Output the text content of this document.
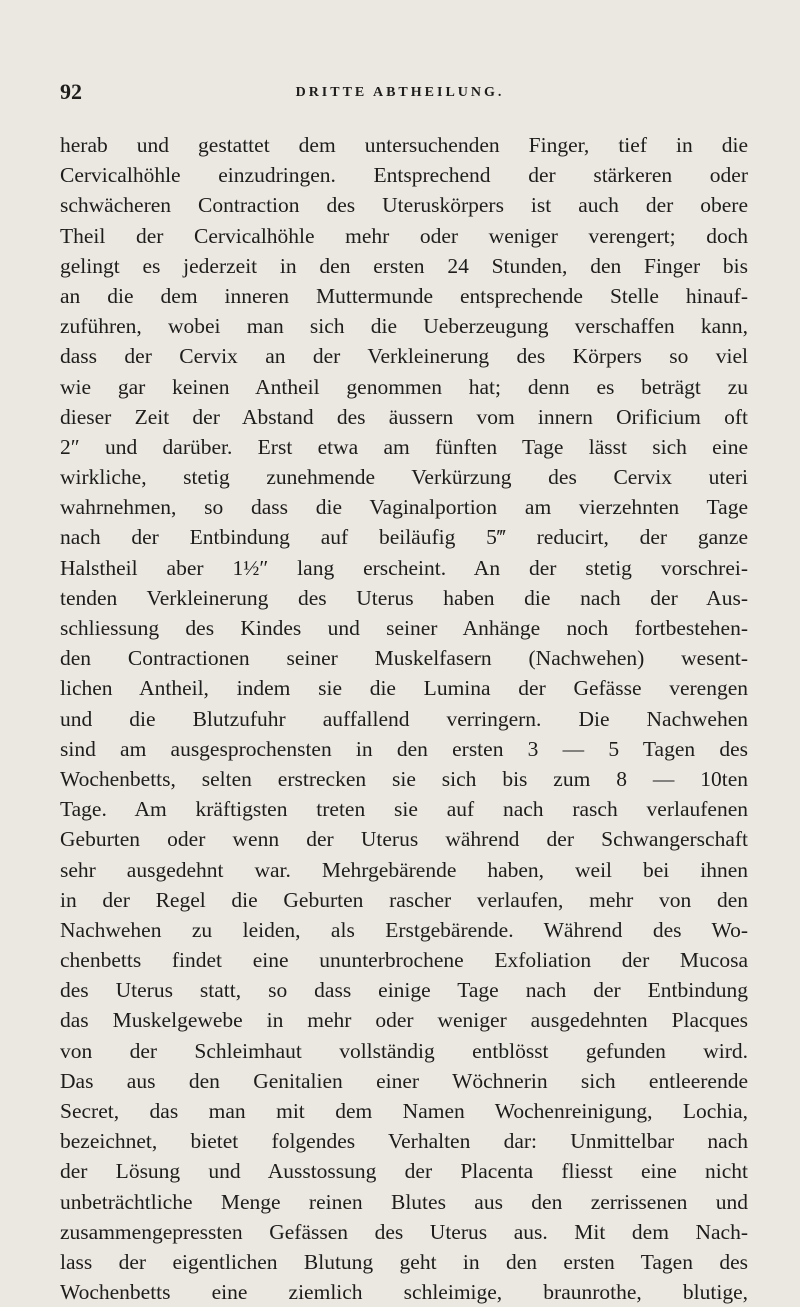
92	DRITTE ABTHEILUNG.
herab und gestattet dem untersuchenden Finger, tief in die
Cervicalhöhle einzudringen. Entsprechend der stärkeren oder
schwächeren Contraction des Uteruskörpers ist auch der obere
Theil der Cervicalhöhle mehr oder weniger verengert; doch
gelingt es jederzeit in den ersten 24 Stunden, den Finger bis
an die dem inneren Muttermunde entsprechende Stelle hinauf-
zuführen, wobei man sich die Ueberzeugung verschaffen kann,
dass der Cervix an der Verkleinerung des Körpers so viel
wie gar keinen Antheil genommen hat; denn es beträgt zu
dieser Zeit der Abstand des äussern vom innern Orificium oft
2″ und darüber. Erst etwa am fünften Tage lässt sich eine
wirkliche, stetig zunehmende Verkürzung des Cervix uteri
wahrnehmen, so dass die Vaginalportion am vierzehnten Tage
nach der Entbindung auf beiläufig 5‴ reducirt, der ganze
Halstheil aber 1½″ lang erscheint. An der stetig vorschrei-
tenden Verkleinerung des Uterus haben die nach der Aus-
schliessung des Kindes und seiner Anhänge noch fortbestehen-
den Contractionen seiner Muskelfasern (Nachwehen) wesent-
lichen Antheil, indem sie die Lumina der Gefässe verengen
und die Blutzufuhr auffallend verringern. Die Nachwehen
sind am ausgesprochensten in den ersten 3 — 5 Tagen des
Wochenbetts, selten erstrecken sie sich bis zum 8 — 10ten
Tage. Am kräftigsten treten sie auf nach rasch verlaufenen
Geburten oder wenn der Uterus während der Schwangerschaft
sehr ausgedehnt war. Mehrgebärende haben, weil bei ihnen
in der Regel die Geburten rascher verlaufen, mehr von den
Nachwehen zu leiden, als Erstgebärende. Während des Wo-
chenbetts findet eine ununterbrochene Exfoliation der Mucosa
des Uterus statt, so dass einige Tage nach der Entbindung
das Muskelgewebe in mehr oder weniger ausgedehnten Placques
von der Schleimhaut vollständig entblösst gefunden wird.
Das aus den Genitalien einer Wöchnerin sich entleerende
Secret, das man mit dem Namen Wochenreinigung, Lochia,
bezeichnet, bietet folgendes Verhalten dar: Unmittelbar nach
der Lösung und Ausstossung der Placenta fliesst eine nicht
unbeträchtliche Menge reinen Blutes aus den zerrissenen und
zusammengepressten Gefässen des Uterus aus. Mit dem Nach-
lass der eigentlichen Blutung geht in den ersten Tagen des
Wochenbetts eine ziemlich schleimige, braunrothe, blutige,
